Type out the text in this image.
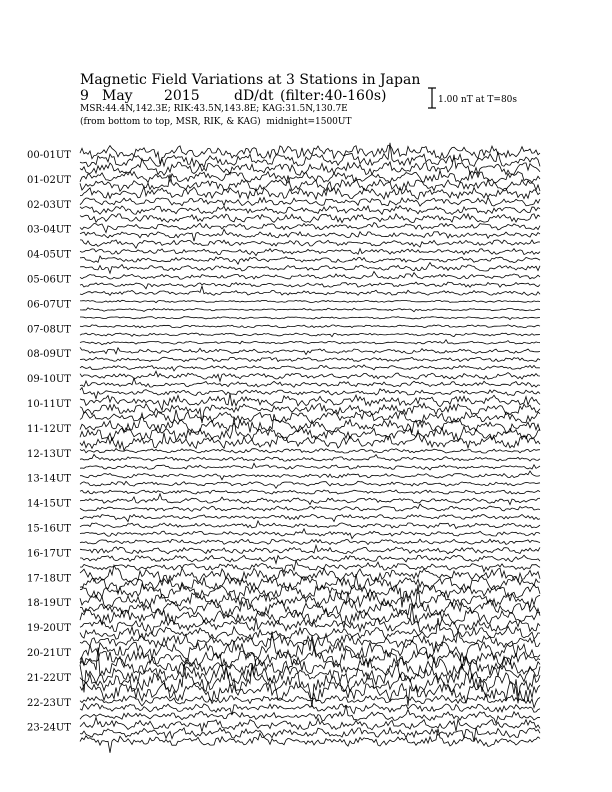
Magnetic Field Variations at 3 Stations in Japan
9 May 2015 dD/dt (filter:40-160s)
MSR:44.4N,142.3E; RIK:43.5N,143.8E; KAG:31.5N,130.7E
(from bottom to top, MSR, RIK, & KAG) midnight=1500UT
1.00 nT at T=80s
00-01UT
01-02UT
02-03UT
03-04UT
04-05UT
05-06UT
06-07UT
07-08UT
08-09UT
09-10UT
10-11UT
11-12UT
12-13UT
13-14UT
14-15UT
15-16UT
16-17UT
17-18UT
18-19UT
19-20UT
20-21UT
21-22UT
22-23UT
23-24UT
